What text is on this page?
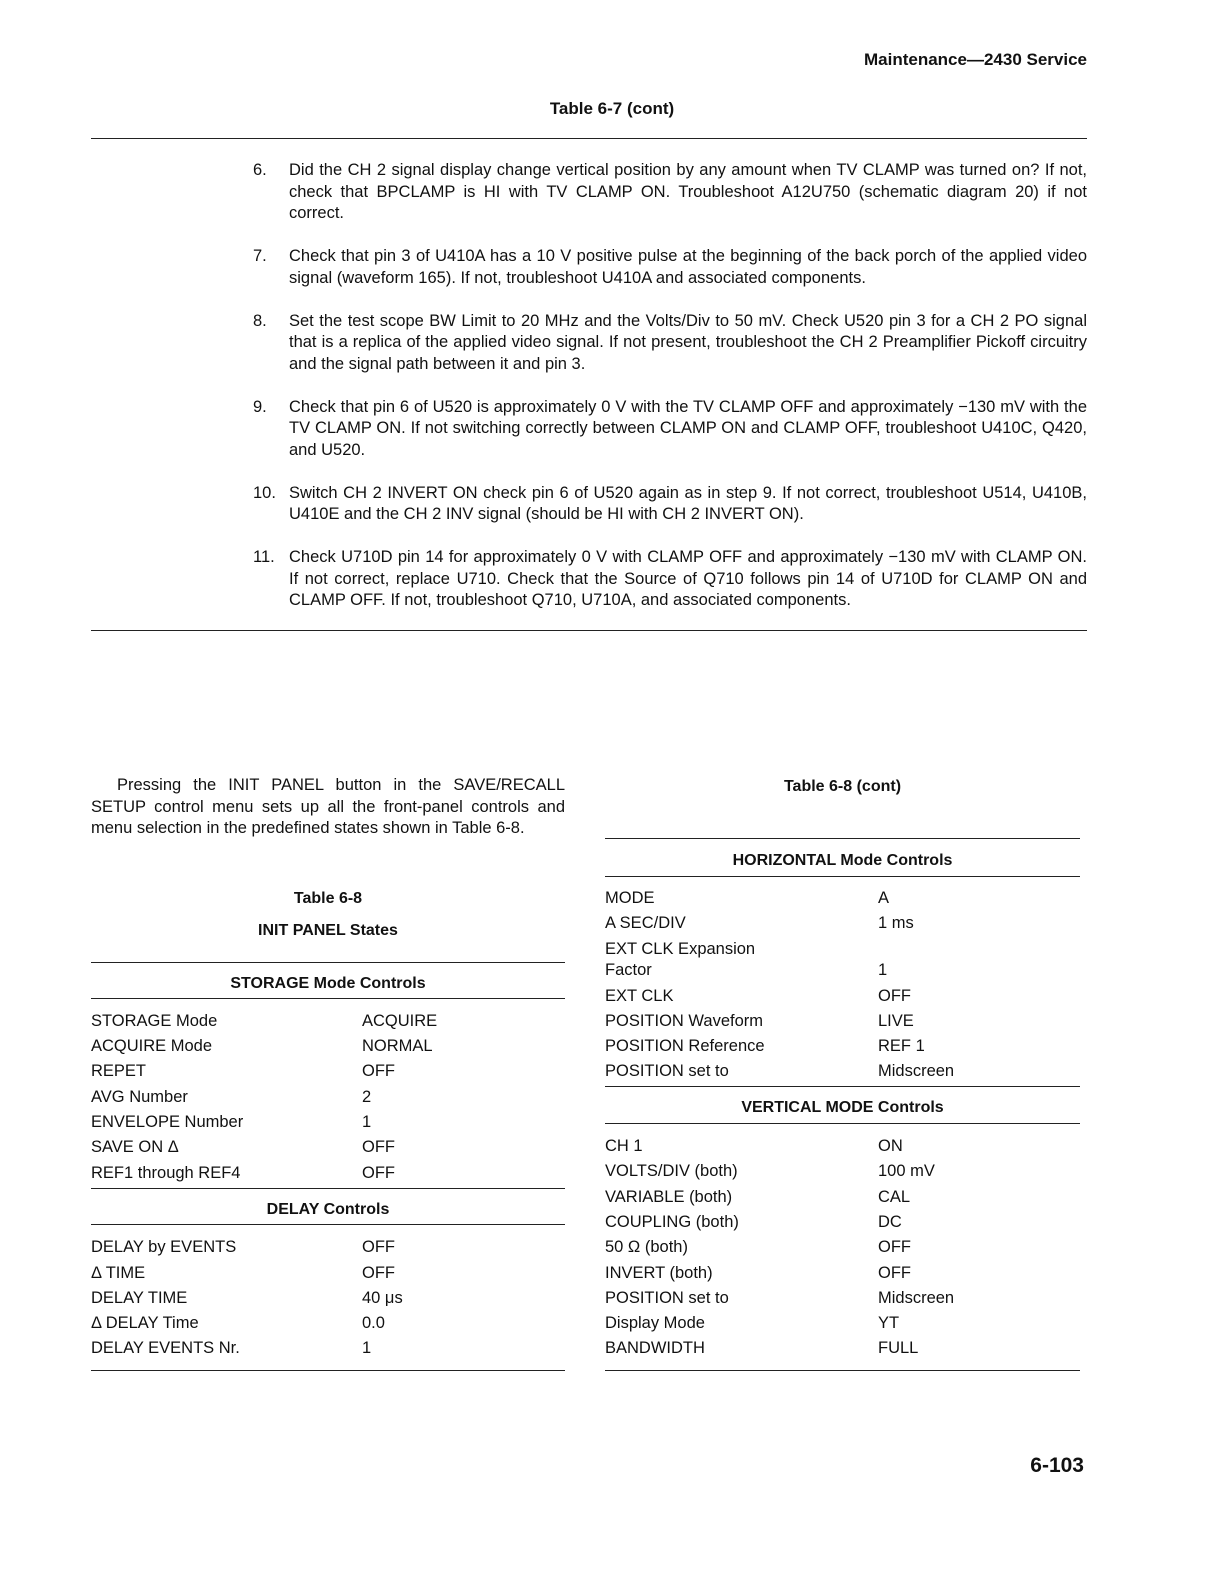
Maintenance—2430 Service
Table 6-7 (cont)
6.	Did the CH 2 signal display change vertical position by any amount when TV CLAMP was turned on? If not, check that BPCLAMP is HI with TV CLAMP ON. Troubleshoot A12U750 (schematic diagram 20) if not correct.
7.	Check that pin 3 of U410A has a 10 V positive pulse at the beginning of the back porch of the applied video signal (waveform 165). If not, troubleshoot U410A and associated components.
8.	Set the test scope BW Limit to 20 MHz and the Volts/Div to 50 mV. Check U520 pin 3 for a CH 2 PO signal that is a replica of the applied video signal. If not present, troubleshoot the CH 2 Preamplifier Pickoff circuitry and the signal path between it and pin 3.
9.	Check that pin 6 of U520 is approximately 0 V with the TV CLAMP OFF and approximately −130 mV with the TV CLAMP ON. If not switching correctly between CLAMP ON and CLAMP OFF, troubleshoot U410C, Q420, and U520.
10. Switch CH 2 INVERT ON check pin 6 of U520 again as in step 9. If not correct, troubleshoot U514, U410B, U410E and the CH 2 INV signal (should be HI with CH 2 INVERT ON).
11. Check U710D pin 14 for approximately 0 V with CLAMP OFF and approximately −130 mV with CLAMP ON. If not correct, replace U710. Check that the Source of Q710 follows pin 14 of U710D for CLAMP ON and CLAMP OFF. If not, troubleshoot Q710, U710A, and associated components.
Pressing the INIT PANEL button in the SAVE/RECALL SETUP control menu sets up all the front-panel controls and menu selection in the predefined states shown in Table 6-8.
Table 6-8
INIT PANEL States
STORAGE Mode Controls
STORAGE Mode	ACQUIRE
ACQUIRE Mode	NORMAL
REPET	OFF
AVG Number	2
ENVELOPE Number	1
SAVE ON Δ	OFF
REF1 through REF4	OFF
DELAY Controls
DELAY by EVENTS	OFF
Δ TIME	OFF
DELAY TIME	40 μs
Δ DELAY Time	0.0
DELAY EVENTS Nr.	1
Table 6-8 (cont)
HORIZONTAL Mode Controls
MODE	A
A SEC/DIV	1 ms
EXT CLK Expansion
Factor	1
EXT CLK	OFF
POSITION Waveform	LIVE
POSITION Reference	REF 1
POSITION set to	Midscreen
VERTICAL MODE Controls
CH 1	ON
VOLTS/DIV (both)	100 mV
VARIABLE (both)	CAL
COUPLING (both)	DC
50 Ω (both)	OFF
INVERT (both)	OFF
POSITION set to	Midscreen
Display Mode	YT
BANDWIDTH	FULL
6-103
